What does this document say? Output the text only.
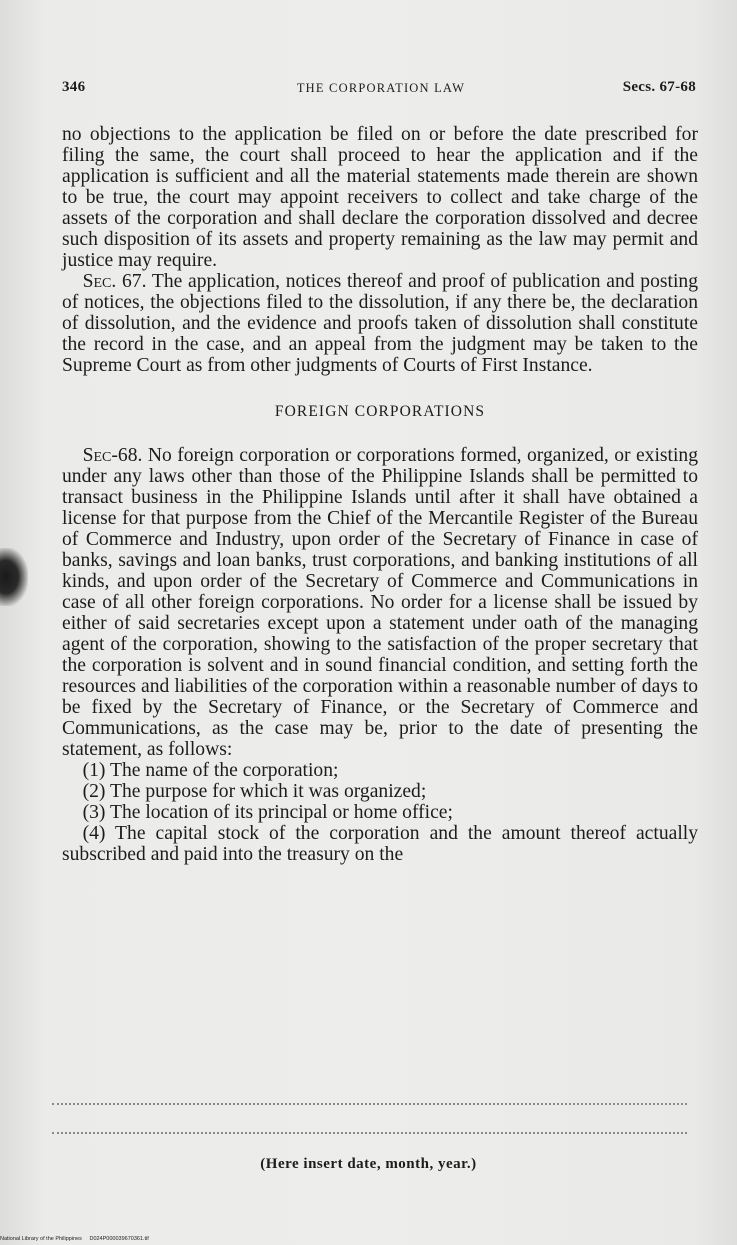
346	THE CORPORATION LAW	Secs. 67-68

no objections to the application be filed on or before the date prescribed for filing the same, the court shall proceed to hear the application and if the application is sufficient and all the material statements made therein are shown to be true, the court may appoint receivers to collect and take charge of the assets of the corporation and shall declare the corporation dissolved and decree such disposition of its assets and property remaining as the law may permit and justice may require.

Sec. 67. The application, notices thereof and proof of publication and posting of notices, the objections filed to the dissolution, if any there be, the declaration of dissolution, and the evidence and proofs taken of dissolution shall constitute the record in the case, and an appeal from the judgment may be taken to the Supreme Court as from other judgments of Courts of First Instance.

FOREIGN CORPORATIONS

Sec-68. No foreign corporation or corporations formed, organized, or existing under any laws other than those of the Philippine Islands shall be permitted to transact business in the Philippine Islands until after it shall have obtained a license for that purpose from the Chief of the Mercantile Register of the Bureau of Commerce and Industry, upon order of the Secretary of Finance in case of banks, savings and loan banks, trust corporations, and banking institutions of all kinds, and upon order of the Secretary of Commerce and Communications in case of all other foreign corporations. No order for a license shall be issued by either of said secretaries except upon a statement under oath of the managing agent of the corporation, showing to the satisfaction of the proper secretary that the corporation is solvent and in sound financial condition, and setting forth the resources and liabilities of the corporation within a reasonable number of days to be fixed by the Secretary of Finance, or the Secretary of Commerce and Communications, as the case may be, prior to the date of presenting the statement, as follows:

(1) The name of the corporation;

(2) The purpose for which it was organized;

(3) The location of its principal or home office;

(4) The capital stock of the corporation and the amount thereof actually subscribed and paid into the treasury on the

(Here insert date, month, year.)
National Library of the Philippines D024P000039670361.tif
